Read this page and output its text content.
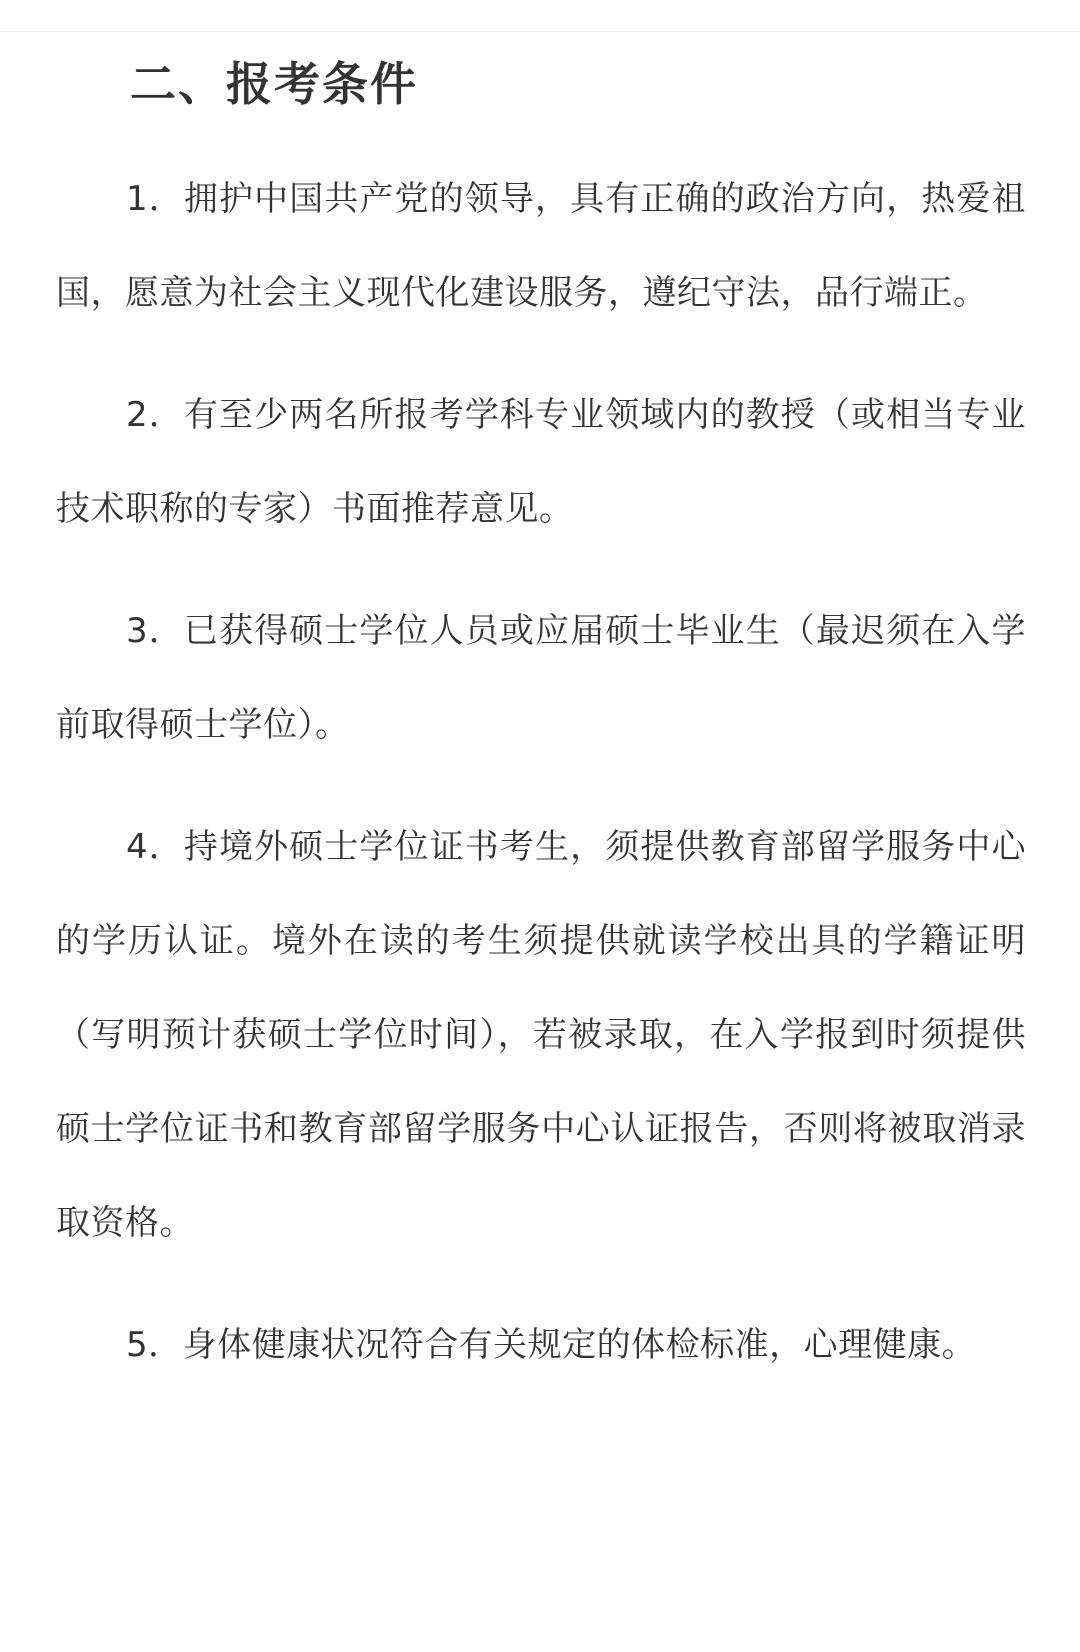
二、报考条件

1．拥护中国共产党的领导，具有正确的政治方向，热爱祖国，愿意为社会主义现代化建设服务，遵纪守法，品行端正。

2．有至少两名所报考学科专业领域内的教授（或相当专业技术职称的专家）书面推荐意见。

3．已获得硕士学位人员或应届硕士毕业生（最迟须在入学前取得硕士学位）。

4．持境外硕士学位证书考生，须提供教育部留学服务中心的学历认证。境外在读的考生须提供就读学校出具的学籍证明（写明预计获硕士学位时间），若被录取，在入学报到时须提供硕士学位证书和教育部留学服务中心认证报告，否则将被取消录取资格。

5．身体健康状况符合有关规定的体检标准，心理健康。
